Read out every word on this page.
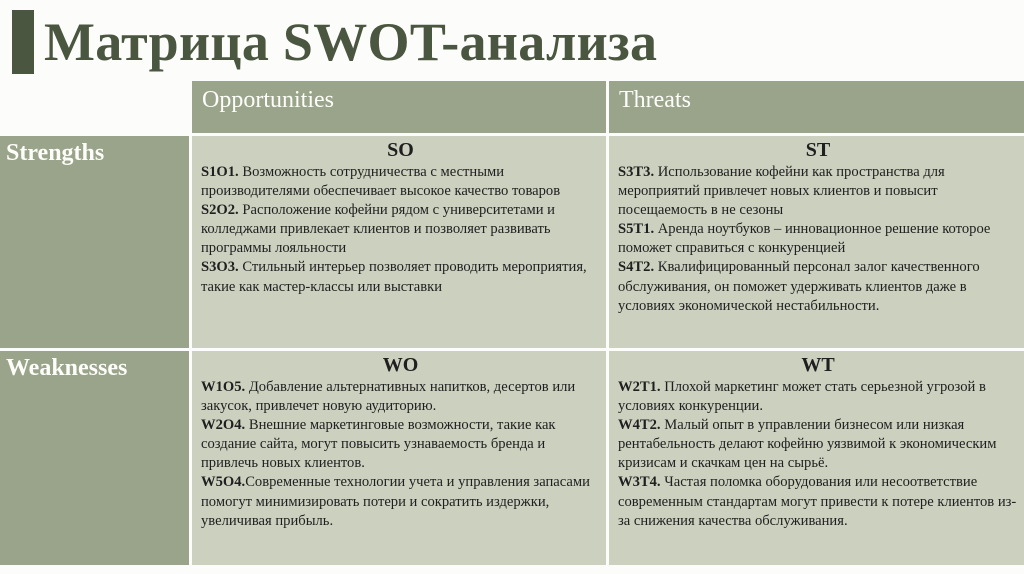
Матрица SWOT-анализа
Opportunities	Threats
Strengths
Weaknesses
SO
S1O1. Возможность сотрудничества с местными производителями обеспечивает высокое качество товаров
S2O2. Расположение кофейни рядом с университетами и колледжами привлекает клиентов и позволяет развивать программы лояльности
S3O3. Стильный интерьер позволяет проводить мероприятия, такие как мастер-классы или выставки
ST
S3T3. Использование кофейни как пространства для мероприятий привлечет новых клиентов и повысит посещаемость в не сезоны
S5T1. Аренда ноутбуков – инновационное решение которое поможет справиться с конкуренцией
S4T2. Квалифицированный персонал залог качественного обслуживания, он поможет удерживать клиентов даже в условиях экономической нестабильности.
WO
W1O5. Добавление альтернативных напитков, десертов или закусок, привлечет новую аудиторию.
W2O4. Внешние маркетинговые возможности, такие как создание сайта, могут повысить узнаваемость бренда и привлечь новых клиентов.
W5O4.Современные технологии учета и управления запасами помогут минимизировать потери и сократить издержки, увеличивая прибыль.
WT
W2T1. Плохой маркетинг может стать серьезной угрозой в условиях конкуренции.
W4T2. Малый опыт в управлении бизнесом или низкая рентабельность делают кофейню уязвимой к экономическим кризисам и скачкам цен на сырьё.
W3T4. Частая поломка оборудования или несоответствие современным стандартам могут привести к потере клиентов из-за снижения качества обслуживания.
